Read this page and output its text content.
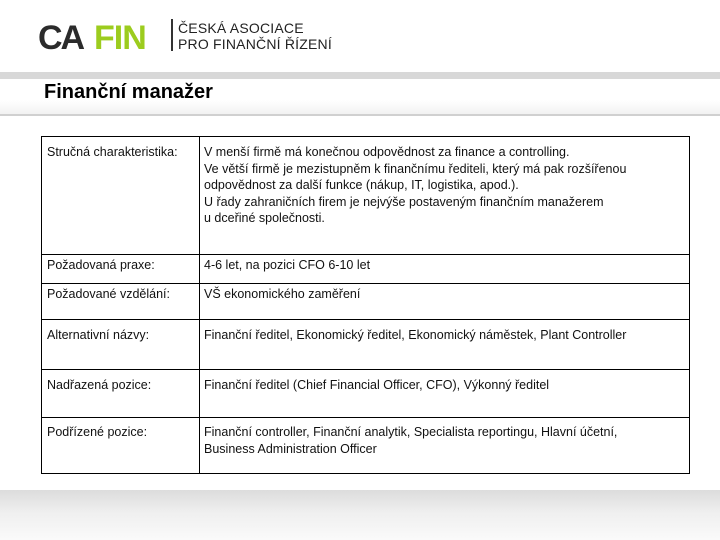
CA FIN ČESKÁ ASOCIACE
PRO FINANČNÍ ŘÍZENÍ
Finanční manažer
Stručná charakteristika:	V menší firmě má konečnou odpovědnost za finance a controlling.
Ve větší firmě je mezistupněm k finančnímu řediteli, který má pak rozšířenou
odpovědnost za další funkce (nákup, IT, logistika, apod.).
U řady zahraničních firem je nejvýše postaveným finančním manažerem
u dceřiné společnosti.

Požadovaná praxe:	4-6 let, na pozici CFO 6-10 let
Požadované vzdělání:	VŠ ekonomického zaměření
Alternativní názvy:	Finanční ředitel, Ekonomický ředitel, Ekonomický náměstek, Plant Controller
Nadřazená pozice:	Finanční ředitel (Chief Financial Officer, CFO), Výkonný ředitel
Podřízené pozice:	Finanční controller, Finanční analytik, Specialista reportingu, Hlavní účetní,
Business Administration Officer
